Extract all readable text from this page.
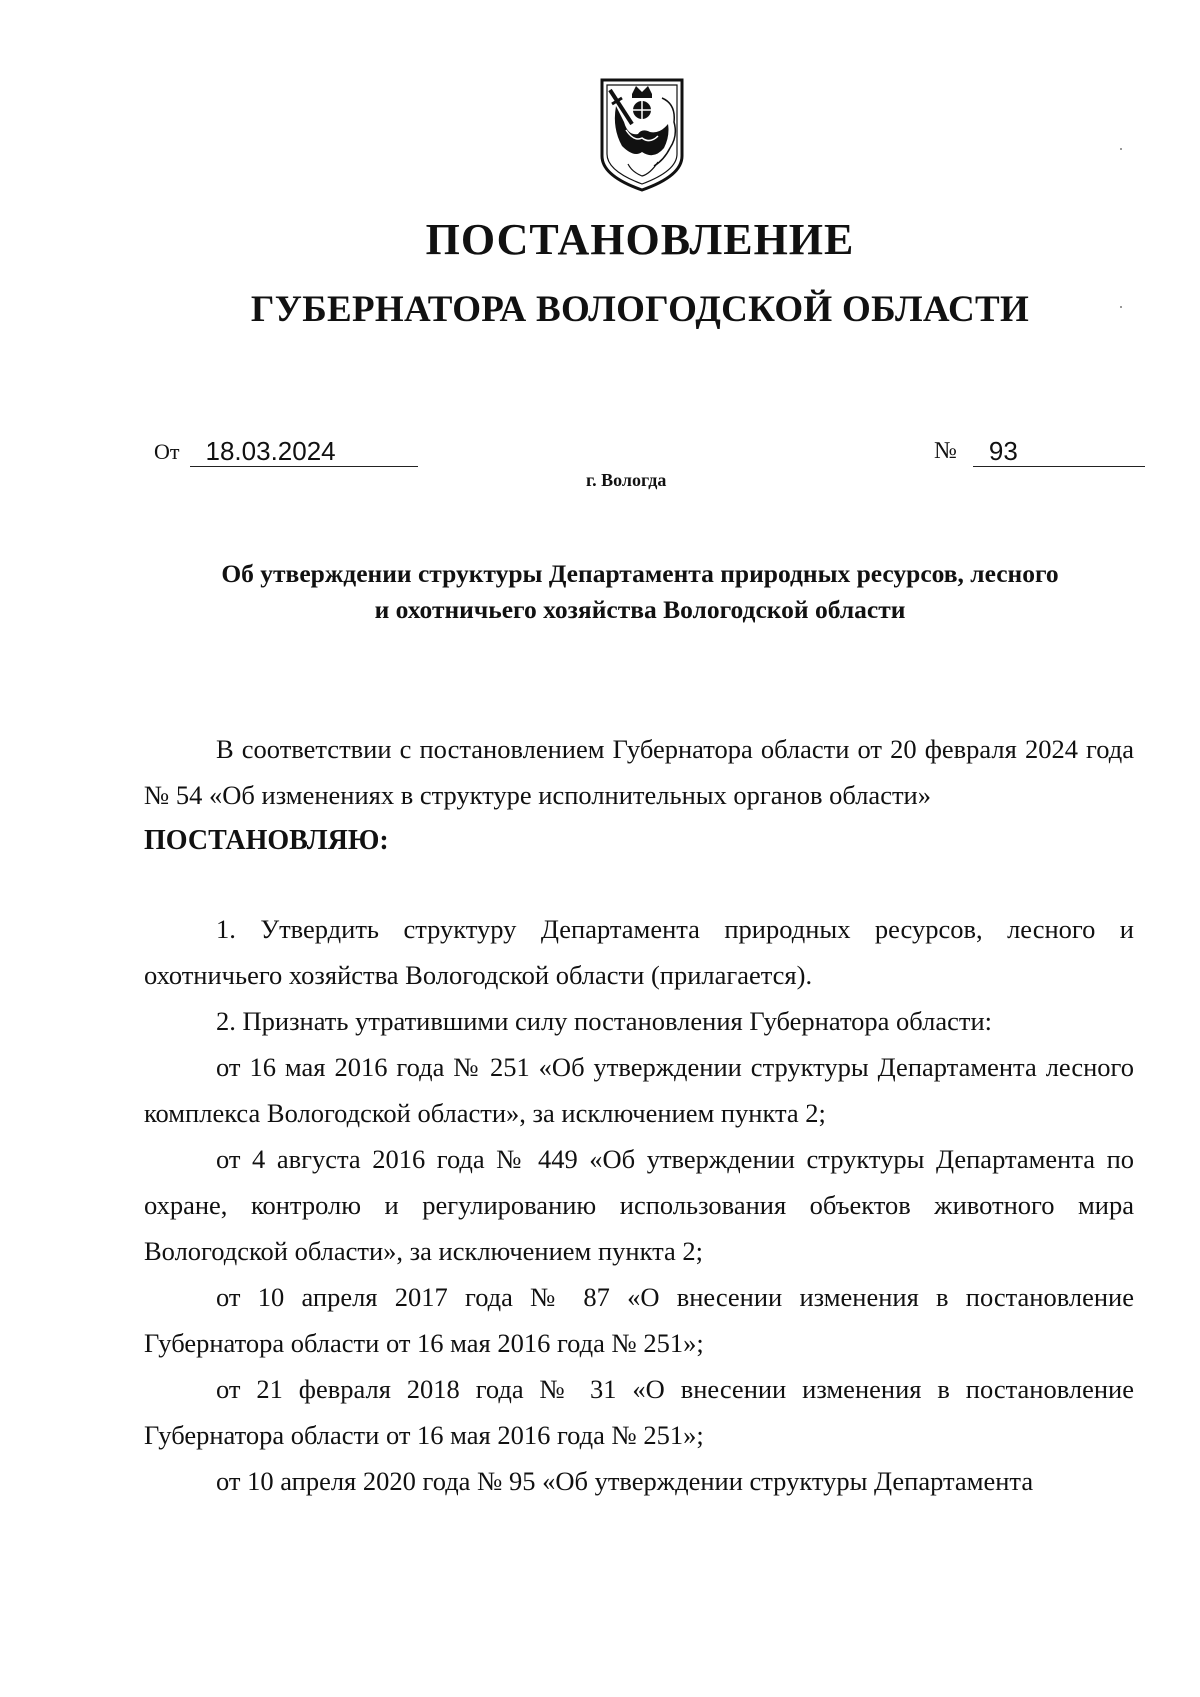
ПОСТАНОВЛЕНИЕ
ГУБЕРНАТОРА ВОЛОГОДСКОЙ ОБЛАСТИ
От	18.03.2024	№	93
г. Вологда

Об утверждении структуры Департамента природных ресурсов, лесного
и охотничьего хозяйства Вологодской области

В соответствии с постановлением Губернатора области от 20 февраля 2024 года № 54 «Об изменениях в структуре исполнительных органов области»

ПОСТАНОВЛЯЮ:

1. Утвердить структуру Департамента природных ресурсов, лесного и охотничьего хозяйства Вологодской области (прилагается).

2. Признать утратившими силу постановления Губернатора области:

от 16 мая 2016 года № 251 «Об утверждении структуры Департамента лесного комплекса Вологодской области», за исключением пункта 2;

от 4 августа 2016 года № 449 «Об утверждении структуры Департамента по охране, контролю и регулированию использования объектов животного мира Вологодской области», за исключением пункта 2;

от 10 апреля 2017 года № 87 «О внесении изменения в постановление Губернатора области от 16 мая 2016 года № 251»;

от 21 февраля 2018 года № 31 «О внесении изменения в постановление Губернатора области от 16 мая 2016 года № 251»;

от 10 апреля 2020 года № 95 «Об утверждении структуры Департамента
